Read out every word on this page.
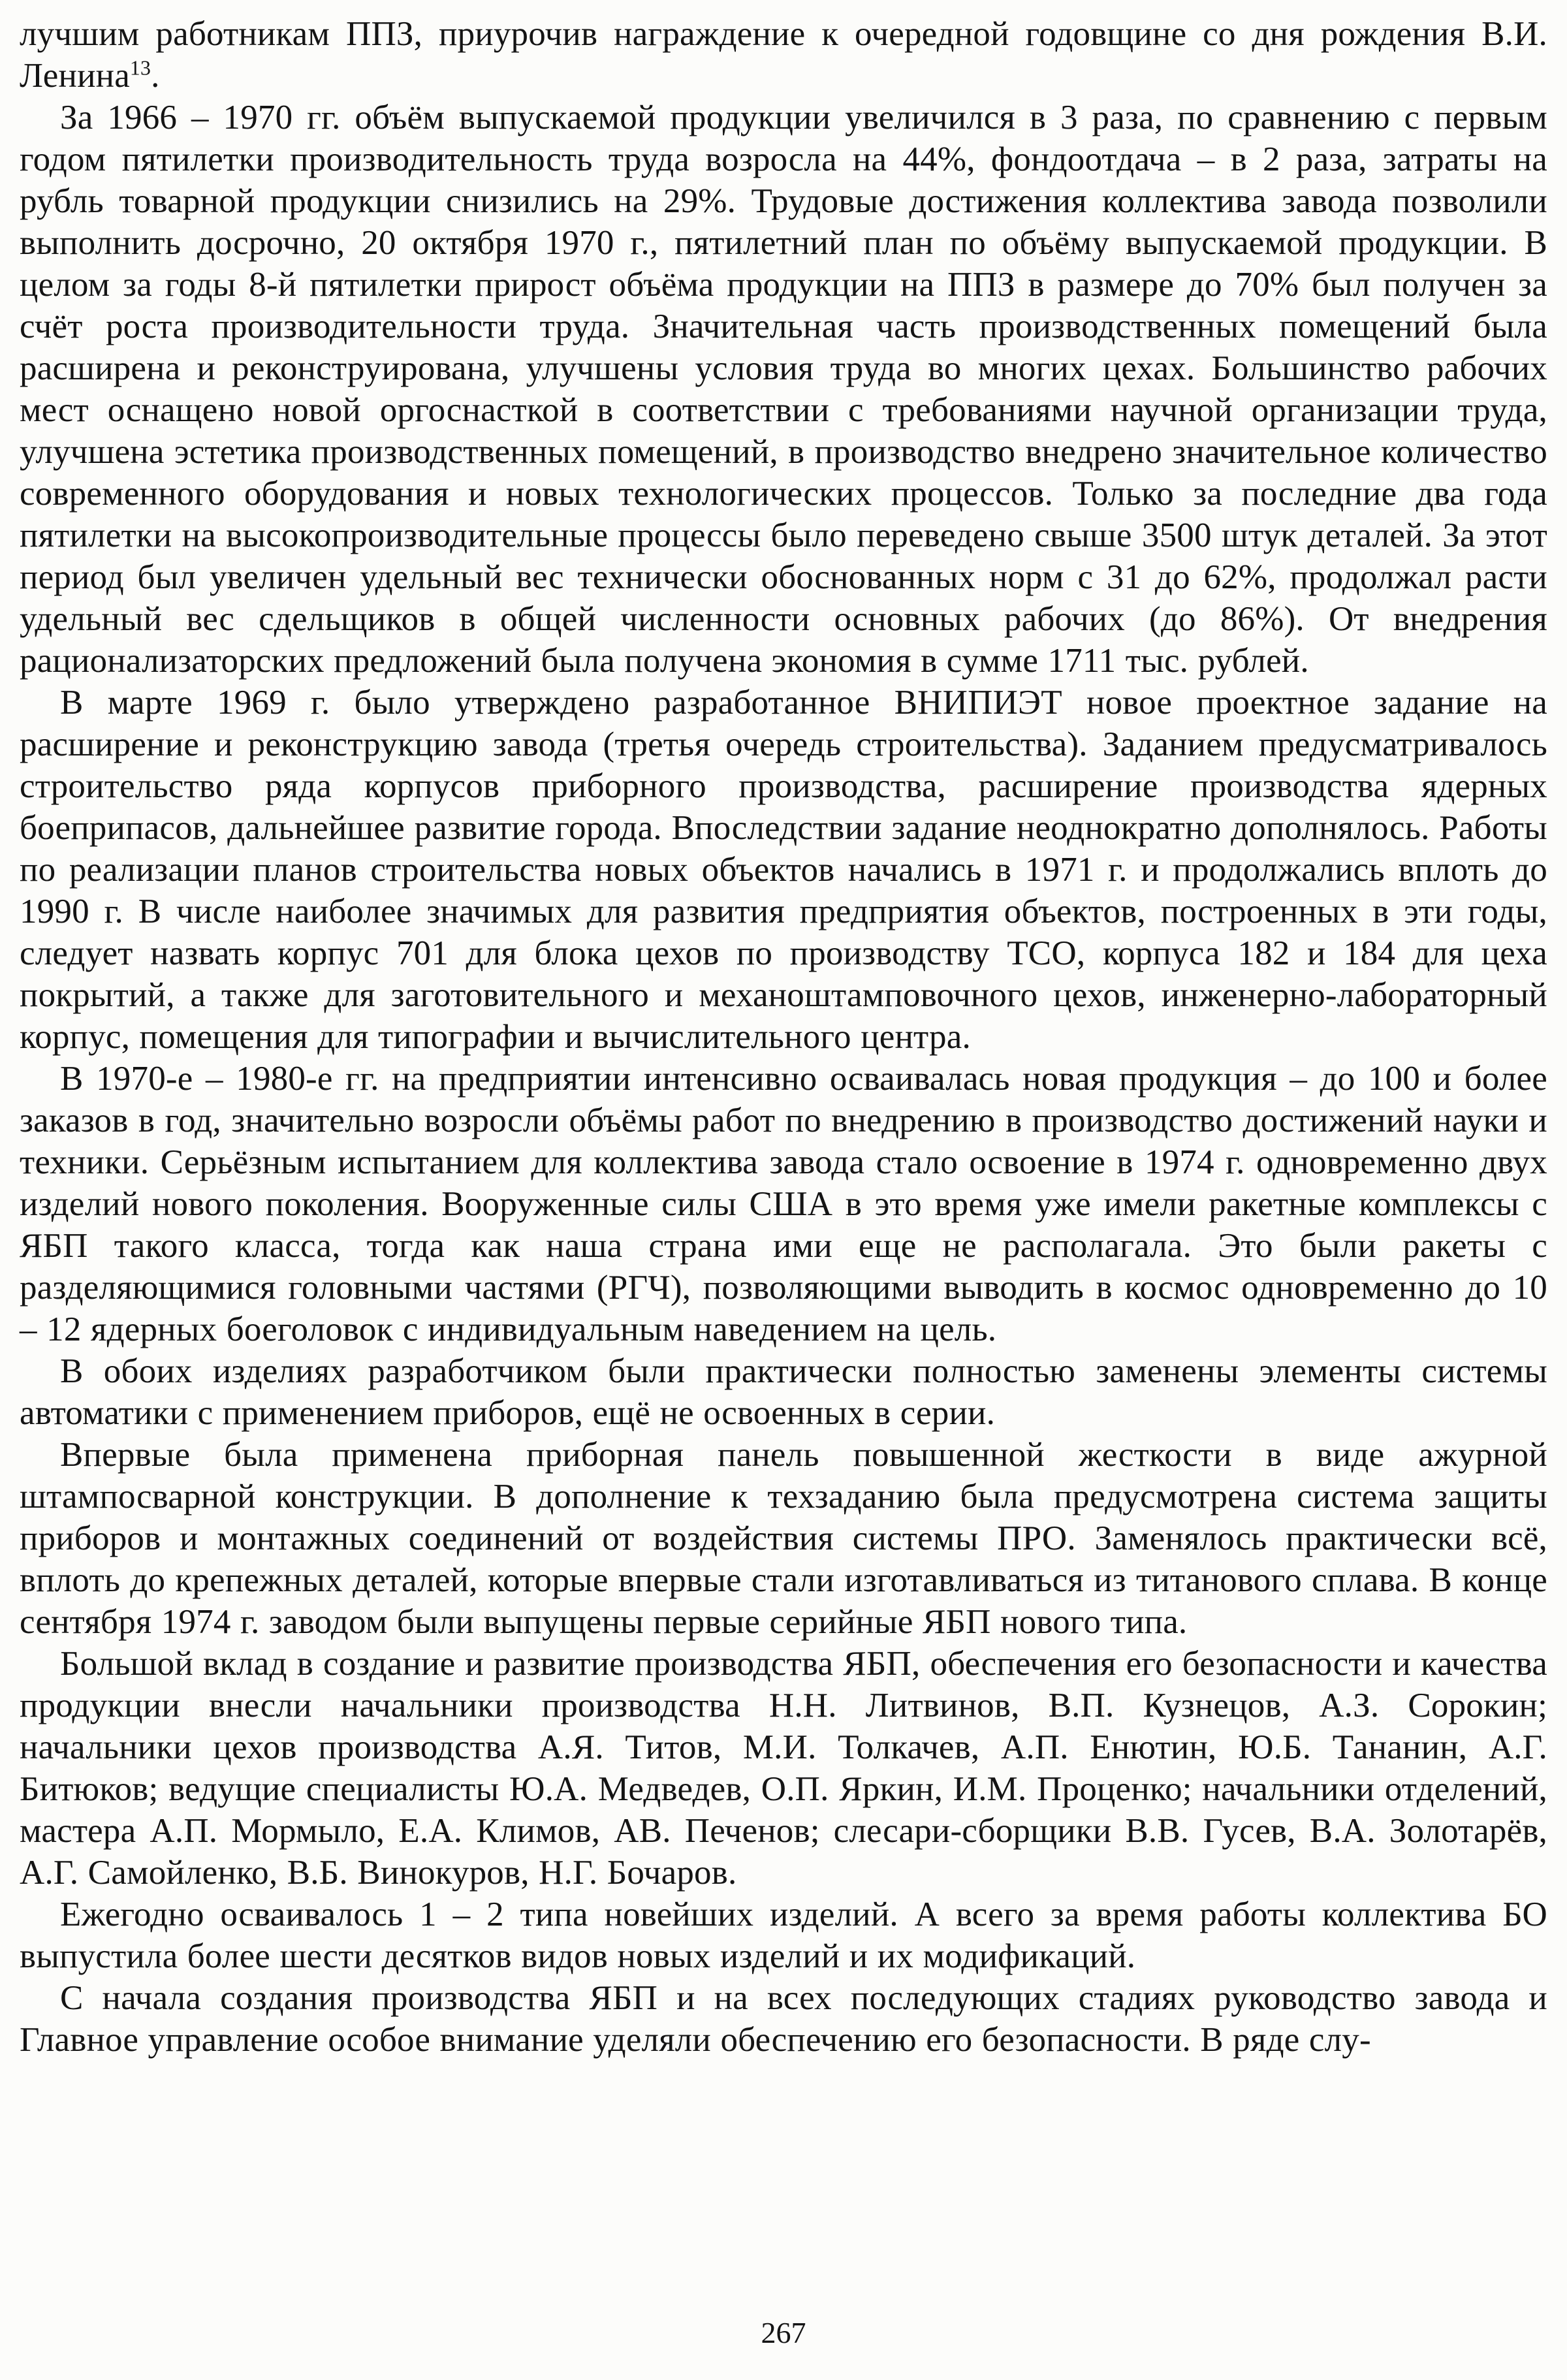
лучшим работникам ППЗ, приурочив награждение к очередной годовщине со дня рождения В.И. Ленина$^{13}$.

За 1966 – 1970 гг. объём выпускаемой продукции увеличился в 3 раза, по сравнению с первым годом пятилетки производительность труда возросла на 44%, фондоотдача – в 2 раза, затраты на рубль товарной продукции снизились на 29%. Трудовые достижения коллектива завода позволили выполнить досрочно, 20 октября 1970 г., пятилетний план по объёму выпускаемой продукции. В целом за годы 8-й пятилетки прирост объёма продукции на ППЗ в размере до 70% был получен за счёт роста производительности труда. Значительная часть производственных помещений была расширена и реконструирована, улучшены условия труда во многих цехах. Большинство рабочих мест оснащено новой оргоснасткой в соответствии с требованиями научной организации труда, улучшена эстетика производственных помещений, в производство внедрено значительное количество современного оборудования и новых технологических процессов. Только за последние два года пятилетки на высокопроизводительные процессы было переведено свыше 3500 штук деталей. За этот период был увеличен удельный вес технически обоснованных норм с 31 до 62%, продолжал расти удельный вес сдельщиков в общей численности основных рабочих (до 86%). От внедрения рационализаторских предложений была получена экономия в сумме 1711 тыс. рублей.

В марте 1969 г. было утверждено разработанное ВНИПИЭТ новое проектное задание на расширение и реконструкцию завода (третья очередь строительства). Заданием предусматривалось строительство ряда корпусов приборного производства, расширение производства ядерных боеприпасов, дальнейшее развитие города. Впоследствии задание неоднократно дополнялось. Работы по реализации планов строительства новых объектов начались в 1971 г. и продолжались вплоть до 1990 г. В числе наиболее значимых для развития предприятия объектов, построенных в эти годы, следует назвать корпус 701 для блока цехов по производству ТСО, корпуса 182 и 184 для цеха покрытий, а также для заготовительного и механоштамповочного цехов, инженерно-лабораторный корпус, помещения для типографии и вычислительного центра.

В 1970-е – 1980-е гг. на предприятии интенсивно осваивалась новая продукция – до 100 и более заказов в год, значительно возросли объёмы работ по внедрению в производство достижений науки и техники. Серьёзным испытанием для коллектива завода стало освоение в 1974 г. одновременно двух изделий нового поколения. Вооруженные силы США в это время уже имели ракетные комплексы с ЯБП такого класса, тогда как наша страна ими еще не располагала. Это были ракеты с разделяющимися головными частями (РГЧ), позволяющими выводить в космос одновременно до 10 – 12 ядерных боеголовок с индивидуальным наведением на цель.

В обоих изделиях разработчиком были практически полностью заменены элементы системы автоматики с применением приборов, ещё не освоенных в серии.

Впервые была применена приборная панель повышенной жесткости в виде ажурной штампосварной конструкции. В дополнение к техзаданию была предусмотрена система защиты приборов и монтажных соединений от воздействия системы ПРО. Заменялось практически всё, вплоть до крепежных деталей, которые впервые стали изготавливаться из титанового сплава. В конце сентября 1974 г. заводом были выпущены первые серийные ЯБП нового типа.

Большой вклад в создание и развитие производства ЯБП, обеспечения его безопасности и качества продукции внесли начальники производства Н.Н. Литвинов, В.П. Кузнецов, А.З. Сорокин; начальники цехов производства А.Я. Титов, М.И. Толкачев, А.П. Енютин, Ю.Б. Тананин, А.Г. Битюков; ведущие специалисты Ю.А. Медведев, О.П. Яркин, И.М. Проценко; начальники отделений, мастера А.П. Мормыло, Е.А. Климов, АВ. Печенов; слесари-сборщики В.В. Гусев, В.А. Золотарёв, А.Г. Самойленко, В.Б. Винокуров, Н.Г. Бочаров.

Ежегодно осваивалось 1 – 2 типа новейших изделий. А всего за время работы коллектива БО выпустила более шести десятков видов новых изделий и их модификаций.

С начала создания производства ЯБП и на всех последующих стадиях руководство завода и Главное управление особое внимание уделяли обеспечению его безопасности. В ряде слу-

267
